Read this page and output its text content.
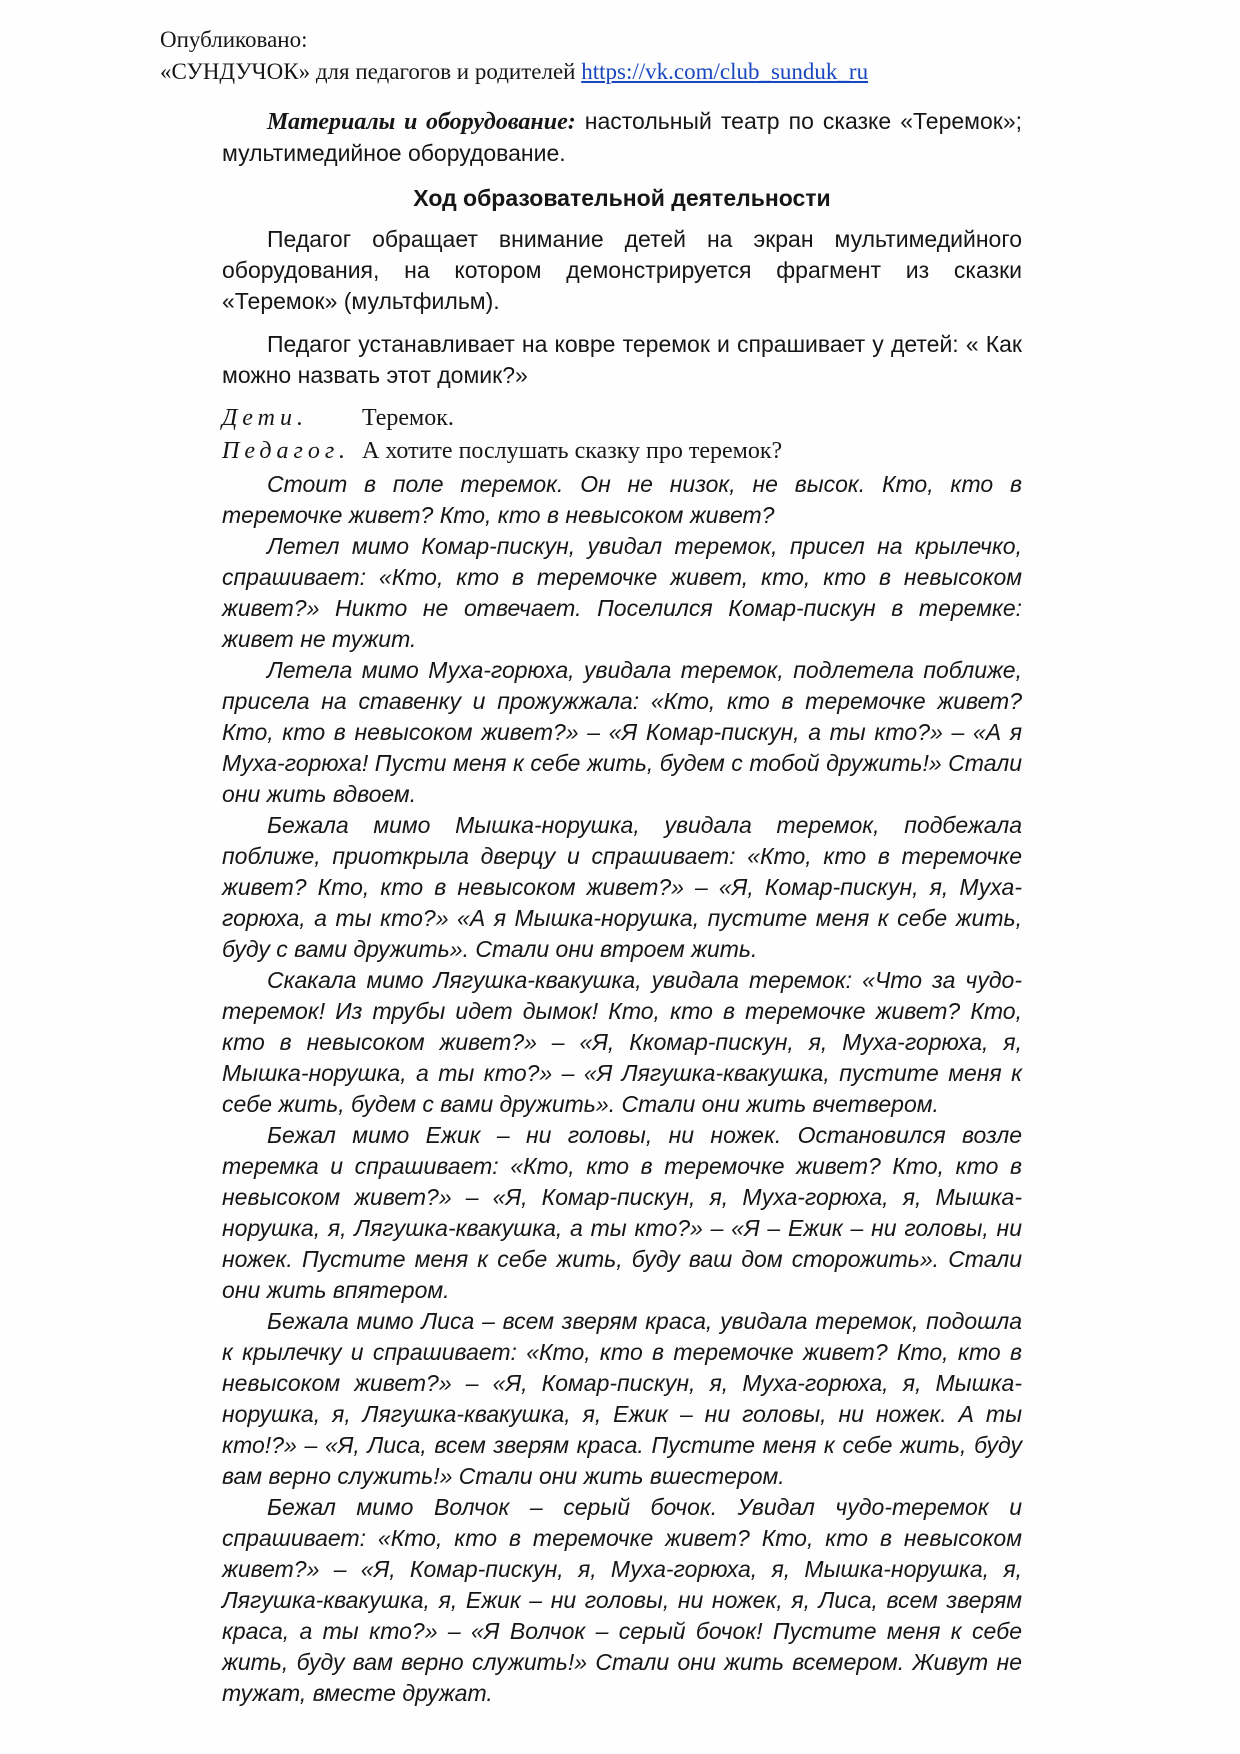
Опубликовано:
«СУНДУЧОК» для педагогов и родителей https://vk.com/club_sunduk_ru

Материалы и оборудование: настольный театр по сказке «Теремок»; мультимедийное оборудование.

Ход образовательной деятельности

Педагог обращает внимание детей на экран мультимедийного оборудования, на котором демонстрируется фрагмент из сказки «Теремок» (мультфильм).

Педагог устанавливает на ковре теремок и спрашивает у детей: « Как можно назвать этот домик?»

Дети. Теремок.

Педагог. А хотите послушать сказку про теремок?

Стоит в поле теремок. Он не низок, не высок. Кто, кто в теремочке живет? Кто, кто в невысоком живет?

Летел мимо Комар-пискун, увидал теремок, присел на крылечко, спрашивает: «Кто, кто в теремочке живет, кто, кто в невысоком живет?» Никто не отвечает. Поселился Комар-пискун в теремке: живет не тужит.

Летела мимо Муха-горюха, увидала теремок, подлетела поближе, присела на ставенку и прожужжала: «Кто, кто в теремочке живет? Кто, кто в невысоком живет?» – «Я Комар-пискун, а ты кто?» – «А я Муха-горюха! Пусти меня к себе жить, будем с тобой дружить!» Стали они жить вдвоем.

Бежала мимо Мышка-норушка, увидала теремок, подбежала поближе, приоткрыла дверцу и спрашивает: «Кто, кто в теремочке живет? Кто, кто в невысоком живет?» – «Я, Комар-пискун, я, Муха-горюха, а ты кто?» «А я Мышка-норушка, пустите меня к себе жить, буду с вами дружить». Стали они втроем жить.

Скакала мимо Лягушка-квакушка, увидала теремок: «Что за чудо-теремок! Из трубы идет дымок! Кто, кто в теремочке живет? Кто, кто в невысоком живет?» – «Я, Ккомар-пискун, я, Муха-горюха, я, Мышка-норушка, а ты кто?» – «Я Лягушка-квакушка, пустите меня к себе жить, будем с вами дружить». Стали они жить вчетвером.

Бежал мимо Ежик – ни головы, ни ножек. Остановился возле теремка и спрашивает: «Кто, кто в теремочке живет? Кто, кто в невысоком живет?» – «Я, Комар-пискун, я, Муха-горюха, я, Мышка-норушка, я, Лягушка-квакушка, а ты кто?» – «Я – Ежик – ни головы, ни ножек. Пустите меня к себе жить, буду ваш дом сторожить». Стали они жить впятером.

Бежала мимо Лиса – всем зверям краса, увидала теремок, подошла к крылечку и спрашивает: «Кто, кто в теремочке живет? Кто, кто в невысоком живет?» – «Я, Комар-пискун, я, Муха-горюха, я, Мышка-норушка, я, Лягушка-квакушка, я, Ежик – ни головы, ни ножек. А ты кто!?» – «Я, Лиса, всем зверям краса. Пустите меня к себе жить, буду вам верно служить!» Стали они жить вшестером.

Бежал мимо Волчок – серый бочок. Увидал чудо-теремок и спрашивает: «Кто, кто в теремочке живет? Кто, кто в невысоком живет?» – «Я, Комар-пискун, я, Муха-горюха, я, Мышка-норушка, я, Лягушка-квакушка, я, Ежик – ни головы, ни ножек, я, Лиса, всем зверям краса, а ты кто?» – «Я Волчок – серый бочок! Пустите меня к себе жить, буду вам верно служить!» Стали они жить всемером. Живут не тужат, вместе дружат.
